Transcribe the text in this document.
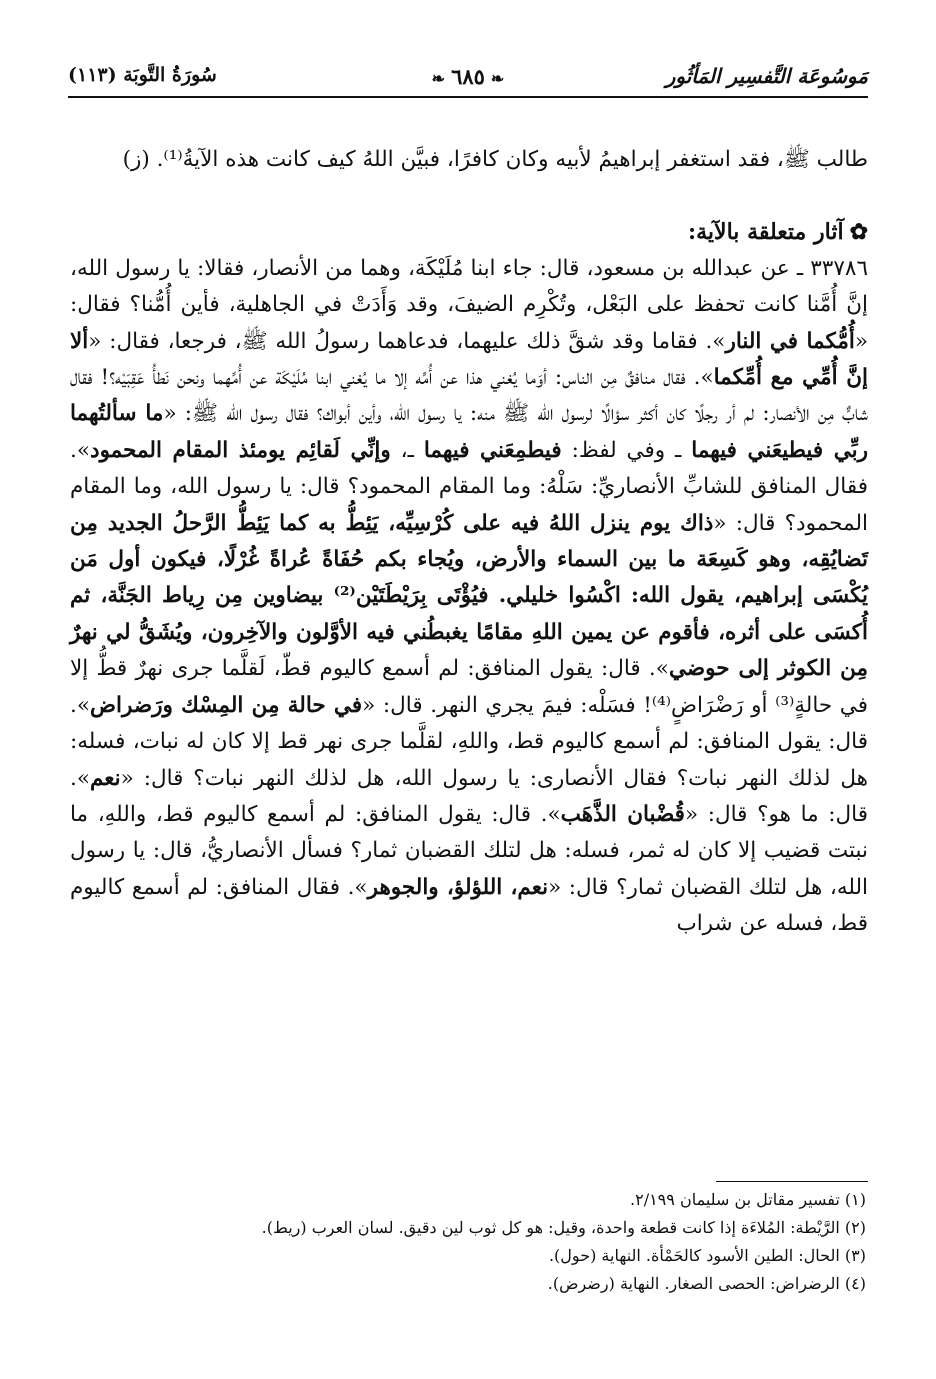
مَوسُوعَة التَّفسِير المَأثُور
❧٦٨٥❧
سُورَةُ التَّوبَة (١١٣)

طالب ﷺ، فقد استغفر إبراهيمُ لأبيه وكان كافرًا، فبيَّن اللهُ كيف كانت هذه الآيةُ⁽¹⁾. (ز)

✿آثار متعلقة بالآية:

٣٣٧٨٦ ـ عن عبدالله بن مسعود، قال: جاء ابنا مُلَيْكَة، وهما من الأنصار، فقالا: يا رسول الله، إنَّ أُمَّنا كانت تحفظ على البَعْل، وتُكْرِم الضيفَ، وقد وَأَدَتْ في الجاهلية، فأين أُمُّنا؟ فقال: «أُمُّكما في النار». فقاما وقد شقَّ ذلك عليهما، فدعاهما رسولُ الله ﷺ، فرجعا، فقال: «ألا إنَّ أُمِّي مع أُمِّكما». فقال منافقٌ مِن الناس: أوَما يُغني هذا عن أُمِّه إلا ما يُغني ابنا مُلَيْكَة عن أُمِّهما ونحن نَطأُ عَقِبَيْه؟! فقال شابٌّ مِن الأنصار: لم أر رجلًا كان أكثر سؤالًا لرسول الله ﷺ منه: يا رسول الله، وأين أبواك؟ فقال رسول الله ﷺ: «ما سألتُهما ربِّي فيطيعَني فيهما ـ وفي لفظ: فيطمِعَني فيهما ـ، وإنِّي لَقائِم يومئذ المقام المحمود». فقال المنافق للشابِّ الأنصاريِّ: سَلْهُ: وما المقام المحمود؟ قال: يا رسول الله، وما المقام المحمود؟ قال: «ذاك يوم ينزل اللهُ فيه على كُرْسِيِّه، يَئِطُّ به كما يَئِطُّ الرَّحلُ الجديد مِن تَضايُقِه، وهو كَسِعَة ما بين السماء والأرض، ويُجاء بكم حُفَاةً عُراةً غُرْلًا، فيكون أول مَن يُكْسَى إبراهيم، يقول الله: اكْسُوا خليلي. فيُؤْتَى بِرَيْطَتَيْن⁽²⁾ بيضاوين مِن رِياط الجَنَّة، ثم أُكسَى على أثره، فأقوم عن يمين اللهِ مقامًا يغبطُني فيه الأوَّلون والآخِرون، ويُشَقُّ لي نهرٌ مِن الكوثر إلى حوضي». قال: يقول المنافق: لم أسمع كاليوم قطّ، لَقلَّما جرى نهرٌ قطُّ إلا في حالةٍ⁽³⁾ أو رَضْرَاضٍ⁽⁴⁾! فسَلْه: فيمَ يجري النهر. قال: «في حالة مِن المِسْك ورَضراض». قال: يقول المنافق: لم أسمع كاليوم قط، واللهِ، لقلَّما جرى نهر قط إلا كان له نبات، فسله: هل لذلك النهر نبات؟ فقال الأنصارى: يا رسول الله، هل لذلك النهر نبات؟ قال: «نعم». قال: ما هو؟ قال: «قُضْبان الذَّهَب». قال: يقول المنافق: لم أسمع كاليوم قط، واللهِ، ما نبتت قضيب إلا كان له ثمر، فسله: هل لتلك القضبان ثمار؟ فسأل الأنصاريُّ، قال: يا رسول الله، هل لتلك القضبان ثمار؟ قال: «نعم، اللؤلؤ، والجوهر». فقال المنافق: لم أسمع كاليوم قط، فسله عن شراب

(١) تفسير مقاتل بن سليمان ٢/١٩٩.
(٢) الرَّيْطة: المُلاءَة إذا كانت قطعة واحدة، وقيل: هو كل ثوب لين دقيق. لسان العرب (ريط).
(٣) الحال: الطين الأسود كالحَمْأة. النهاية (حول).
(٤) الرضراض: الحصى الصغار. النهاية (رضرض).
